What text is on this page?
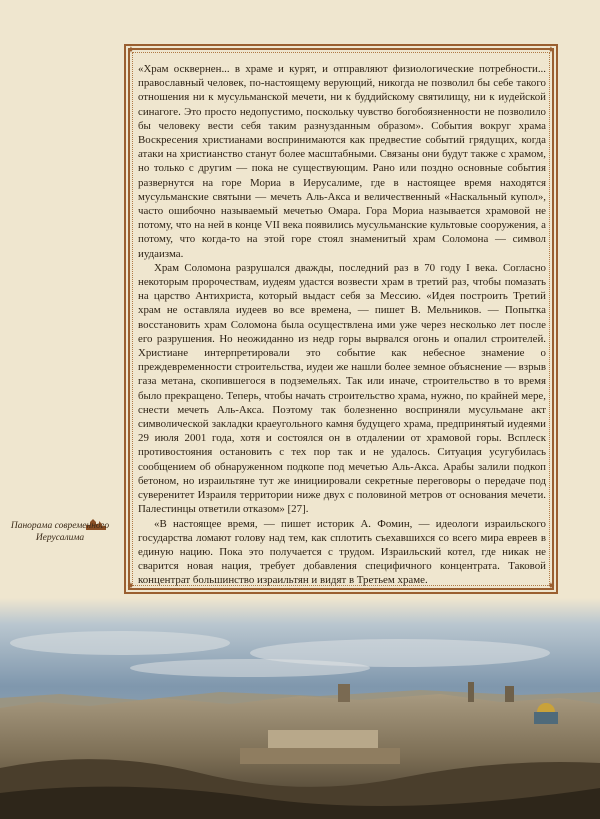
✦	✦
✦	✦

«Храм осквернен... в храме и курят, и отправляют физиологические потребности... православный человек, по-настоящему верующий, никогда не позволил бы себе такого отношения ни к мусульманской мечети, ни к буддийскому святилищу, ни к иудейской синагоге. Это просто недопустимо, поскольку чувство богобоязненности не позволило бы человеку вести себя таким разнузданным образом». События вокруг храма Воскресения христианами воспринимаются как предвестие событий грядущих, когда атаки на христианство станут более масштабными. Связаны они будут также с храмом, но только с другим — пока не существующим. Рано или поздно основные события развернутся на горе Мориа в Иерусалиме, где в настоящее время находятся мусульманские святыни — мечеть Аль-Акса и величественный «Наскальный купол», часто ошибочно называемый мечетью Омара. Гора Мориа называется храмовой не потому, что на ней в конце VII века появились мусульманские культовые сооружения, а потому, что когда-то на этой горе стоял знаменитый храм Соломона — символ иудаизма.

Храм Соломона разрушался дважды, последний раз в 70 году I века. Согласно некоторым пророчествам, иудеям удастся возвести храм в третий раз, чтобы помазать на царство Антихриста, который выдаст себя за Мессию. «Идея построить Третий храм не оставляла иудеев во все времена, — пишет В. Мельников. — Попытка восстановить храм Соломона была осуществлена ими уже через несколько лет после его разрушения. Но неожиданно из недр горы вырвался огонь и опалил строителей. Христиане интерпретировали это событие как небесное знамение о преждевременности строительства, иудеи же нашли более земное объяснение — взрыв газа метана, скопившегося в подземельях. Так или иначе, строительство в то время было прекращено. Теперь, чтобы начать строительство храма, нужно, по крайней мере, снести мечеть Аль-Акса. Поэтому так болезненно восприняли мусульмане акт символической закладки краеугольного камня будущего храма, предпринятый иудеями 29 июля 2001 года, хотя и состоялся он в отдалении от храмовой горы. Всплеск противостояния остановить с тех пор так и не удалось. Ситуация усугубилась сообщением об обнаруженном подкопе под мечетью Аль-Акса. Арабы залили подкоп бетоном, но израильтяне тут же инициировали секретные переговоры о передаче под суверенитет Израиля территории ниже двух с половиной метров от основания мечети. Палестинцы ответили отказом» [27].

«В настоящее время, — пишет историк А. Фомин, — идеологи израильского государства ломают голову над тем, как сплотить съехавшихся со всего мира евреев в единую нацию. Пока это получается с трудом. Израильский котел, где никак не сварится новая нация, требует добавления специфичного концентрата. Таковой концентрат большинство израильтян и видят в Третьем храме.

Панорама современного Иерусалима
